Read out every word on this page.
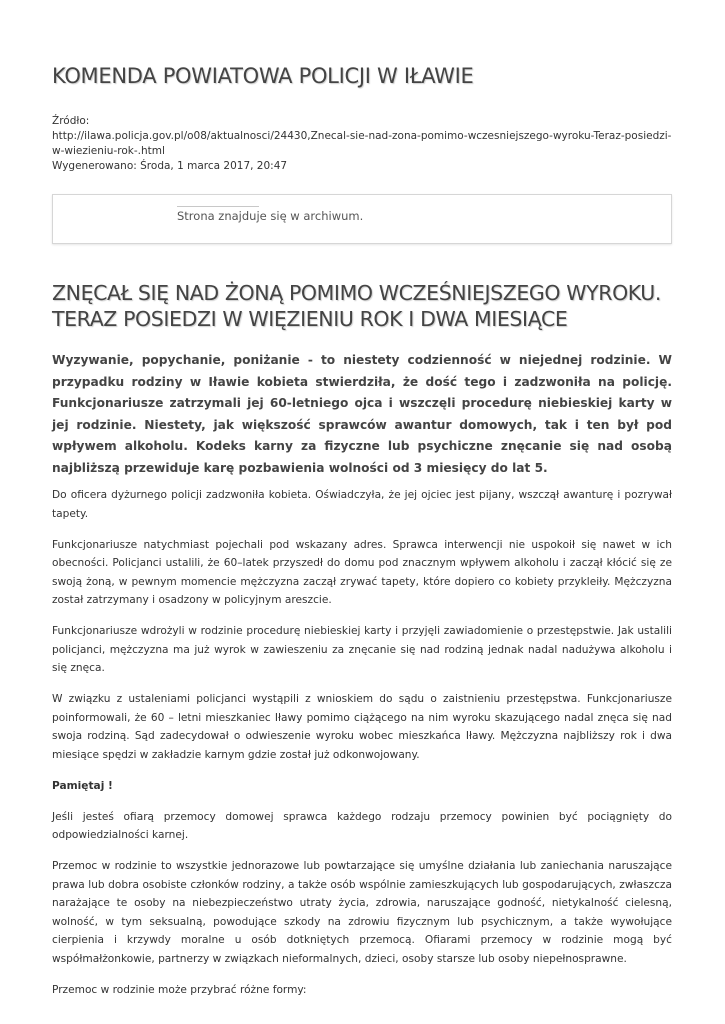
KOMENDA POWIATOWA POLICJI W IŁAWIE
Źródło:
http://ilawa.policja.gov.pl/o08/aktualnosci/24430,Znecal-sie-nad-zona-pomimo-wczesniejszego-wyroku-Teraz-posiedzi-w-wiezieniu-rok-.html
Wygenerowano: Środa, 1 marca 2017, 20:47
Strona znajduje się w archiwum.
ZNĘCAŁ SIĘ NAD ŻONĄ POMIMO WCZEŚNIEJSZEGO WYROKU.
TERAZ POSIEDZI W WIĘZIENIU ROK I DWA MIESIĄCE

Wyzywanie, popychanie, poniżanie - to niestety codzienność w niejednej rodzinie. W przypadku rodziny w Iławie kobieta stwierdziła, że dość tego i zadzwoniła na policję. Funkcjonariusze zatrzymali jej 60-letniego ojca i wszczęli procedurę niebieskiej karty w jej rodzinie. Niestety, jak większość sprawców awantur domowych, tak i ten był pod wpływem alkoholu. Kodeks karny za fizyczne lub psychiczne znęcanie się nad osobą najbliższą przewiduje karę pozbawienia wolności od 3 miesięcy do lat 5.

Do oficera dyżurnego policji zadzwoniła kobieta. Oświadczyła, że jej ojciec jest pijany, wszczął awanturę i pozrywał tapety.

Funkcjonariusze natychmiast pojechali pod wskazany adres. Sprawca interwencji nie uspokoił się nawet w ich obecności. Policjanci ustalili, że 60–latek przyszedł do domu pod znacznym wpływem alkoholu i zaczął kłócić się ze swoją żoną, w pewnym momencie mężczyzna zaczął zrywać tapety, które dopiero co kobiety przykleiły. Mężczyzna został zatrzymany i osadzony w policyjnym areszcie.

Funkcjonariusze wdrożyli w rodzinie procedurę niebieskiej karty i przyjęli zawiadomienie o przestępstwie. Jak ustalili policjanci, mężczyzna ma już wyrok w zawieszeniu za znęcanie się nad rodziną jednak nadal nadużywa alkoholu i się znęca.

W związku z ustaleniami policjanci wystąpili z wnioskiem do sądu o zaistnieniu przestępstwa. Funkcjonariusze poinformowali, że 60 – letni mieszkaniec Iławy pomimo ciążącego na nim wyroku skazującego nadal znęca się nad swoja rodziną. Sąd zadecydował o odwieszenie wyroku wobec mieszkańca Iławy. Mężczyzna najbliższy rok i dwa miesiące spędzi w zakładzie karnym gdzie został już odkonwojowany.

Pamiętaj !

Jeśli jesteś ofiarą przemocy domowej sprawca każdego rodzaju przemocy powinien być pociągnięty do odpowiedzialności karnej.

Przemoc w rodzinie to wszystkie jednorazowe lub powtarzające się umyślne działania lub zaniechania naruszające prawa lub dobra osobiste członków rodziny, a także osób wspólnie zamieszkujących lub gospodarujących, zwłaszcza narażające te osoby na niebezpieczeństwo utraty życia, zdrowia, naruszające godność, nietykalność cielesną, wolność, w tym seksualną, powodujące szkody na zdrowiu fizycznym lub psychicznym, a także wywołujące cierpienia i krzywdy moralne u osób dotkniętych przemocą. Ofiarami przemocy w rodzinie mogą być współmałżonkowie, partnerzy w związkach nieformalnych, dzieci, osoby starsze lub osoby niepełnosprawne.

Przemoc w rodzinie może przybrać różne formy:
